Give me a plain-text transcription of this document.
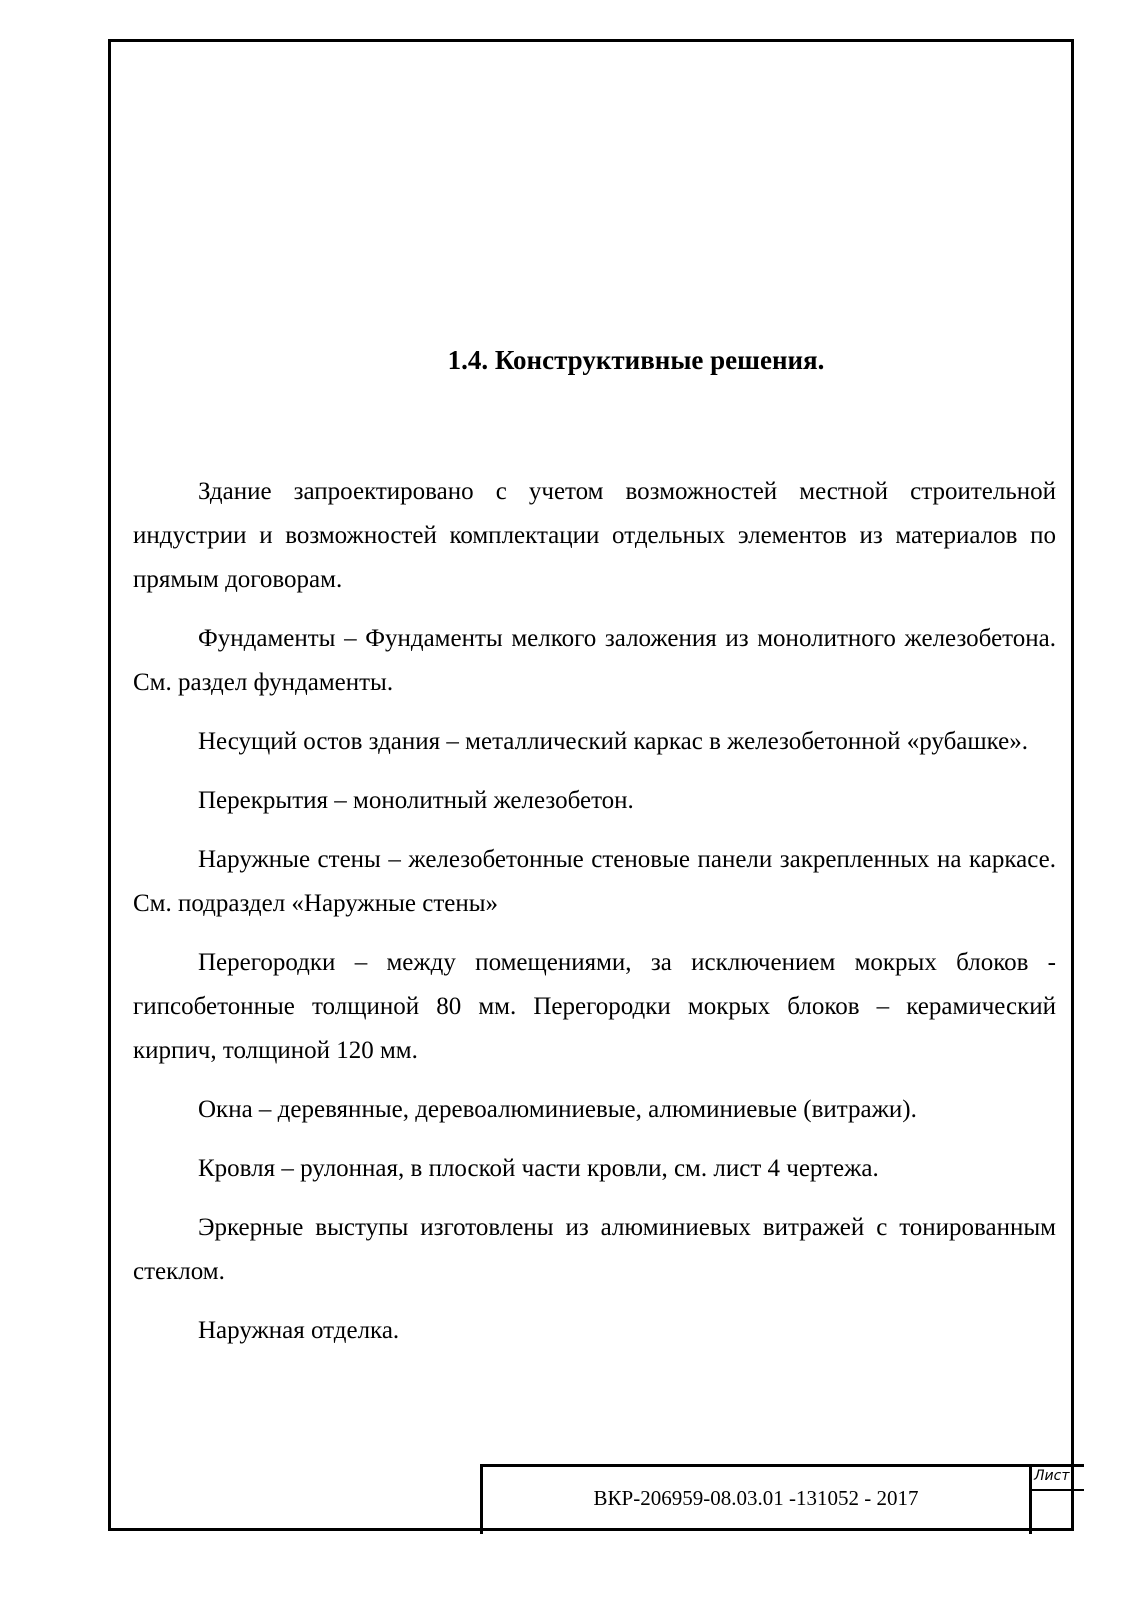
1.4. Конструктивные решения.

Здание запроектировано с учетом возможностей местной строительной индустрии и возможностей комплектации отдельных элементов из материалов по прямым договорам.

Фундаменты – Фундаменты мелкого заложения из монолитного железобетона. См. раздел фундаменты.

Несущий остов здания – металлический каркас в железобетонной «рубашке».

Перекрытия – монолитный железобетон.

Наружные стены – железобетонные стеновые панели закрепленных на каркасе. См. подраздел «Наружные стены»

Перегородки – между помещениями, за исключением мокрых блоков - гипсобетонные толщиной 80 мм. Перегородки мокрых блоков – керамический кирпич, толщиной 120 мм.

Окна – деревянные, деревоалюминиевые, алюминиевые (витражи).

Кровля – рулонная, в плоской части кровли, см. лист 4 чертежа.

Эркерные выступы изготовлены из алюминиевых витражей с тонированным стеклом.

Наружная отделка.

ВКР-206959-08.03.01 -131052 - 2017
Лист
